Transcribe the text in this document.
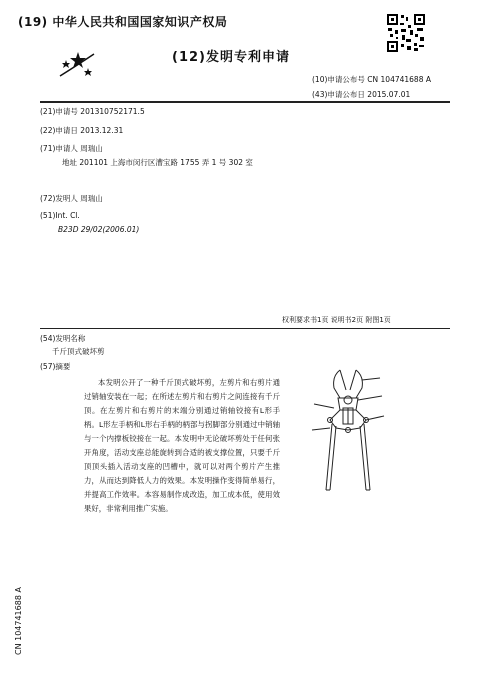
(19) 中华人民共和国国家知识产权局
(12)发明专利申请
(10)申请公布号 CN 104741688 A
(43)申请公布日 2015.07.01
(21)申请号 201310752171.5
(22)申请日 2013.12.31
(71)申请人 周瑞山
地址 201101 上海市闵行区漕宝路 1755 弄 1 号 302 室
(72)发明人 周瑞山
(51)Int. Cl.
B23D 29/02(2006.01)
权利要求书1页 说明书2页 附图1页
(54)发明名称
千斤顶式破坏剪
(57)摘要
本发明公开了一种千斤顶式破坏剪，左剪片和右剪片通过销轴安装在一起；在所述左剪片和右剪片之间连接有千斤顶。在左剪片和右剪片的末端分别通过销轴铰接有L形手柄。L形左手柄和L形右手柄的柄部与拐脚部分别通过中销轴与一个内撑板铰接在一起。本发明中无论破坏剪处于任何张开角度，活动支座总能旋转到合适的被支撑位置，只要千斤顶顶头插入活动支座的凹槽中，就可以对两个剪片产生推力，从而达到降低人力的效果。本发明操作变得简单易行，并提高工作效率。本容易制作成改造，加工成本低，使用效果好，非常利用推广实施。
CN 104741688 A
